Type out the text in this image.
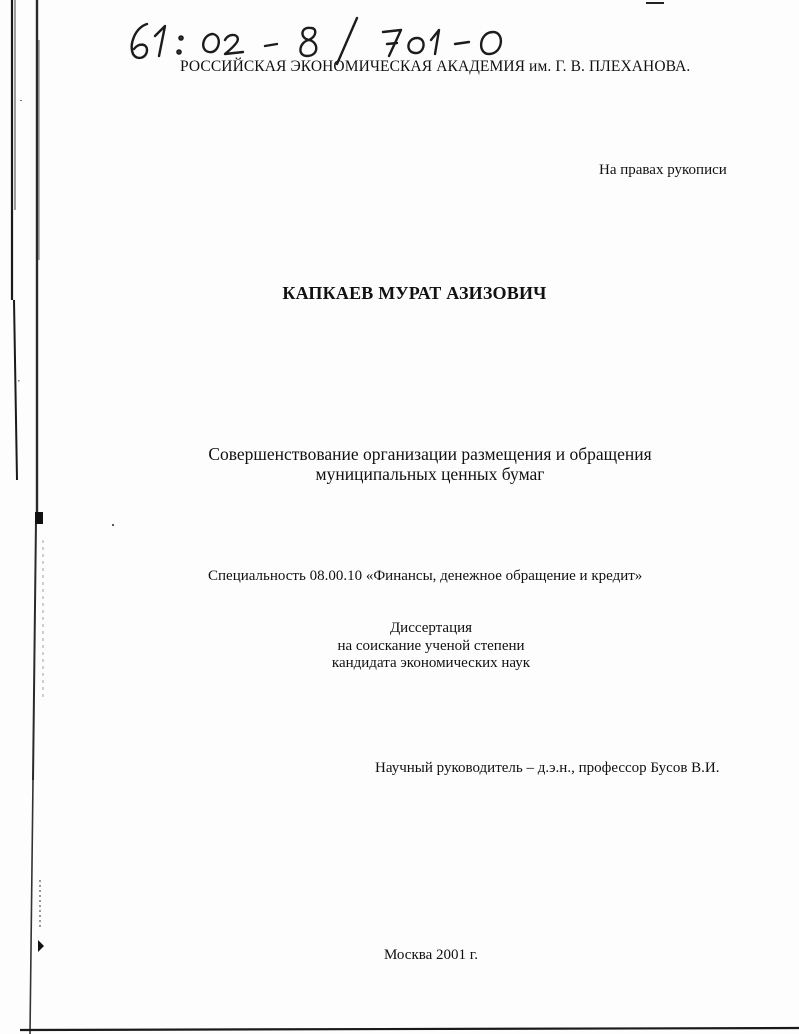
РОССИЙСКАЯ ЭКОНОМИЧЕСКАЯ АКАДЕМИЯ им. Г. В. ПЛЕХАНОВА.
На правах рукописи
КАПКАЕВ МУРАТ АЗИЗОВИЧ
Совершенствование организации размещения и обращения
муниципальных ценных бумаг
Специальность 08.00.10 «Финансы, денежное обращение и кредит»
Диссертация
на соискание ученой степени
кандидата экономических наук
Научный руководитель – д.э.н., профессор Бусов В.И.
Москва 2001 г.
